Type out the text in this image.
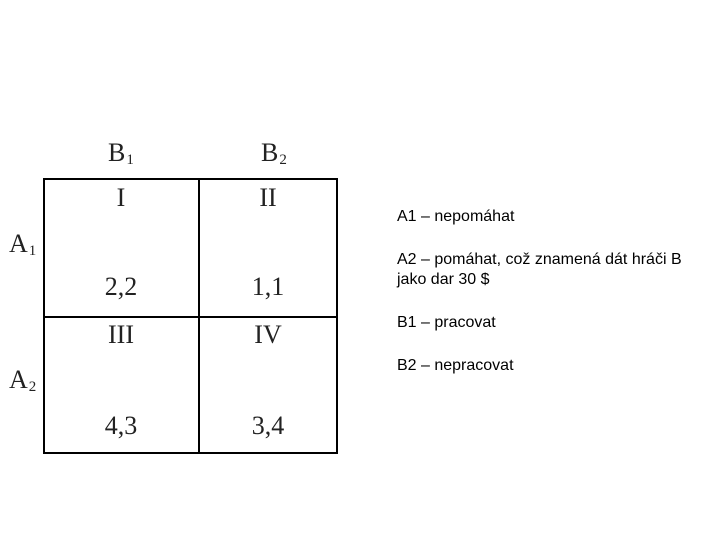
$B_1$	$B_2$
$A_1$
$A_2$
I
2,2
II
1,1
III
4,3
IV
3,4
A1 – nepomáhat
A2 – pomáhat, což znamená dát hráči B jako dar 30 $
B1 – pracovat
B2 – nepracovat
